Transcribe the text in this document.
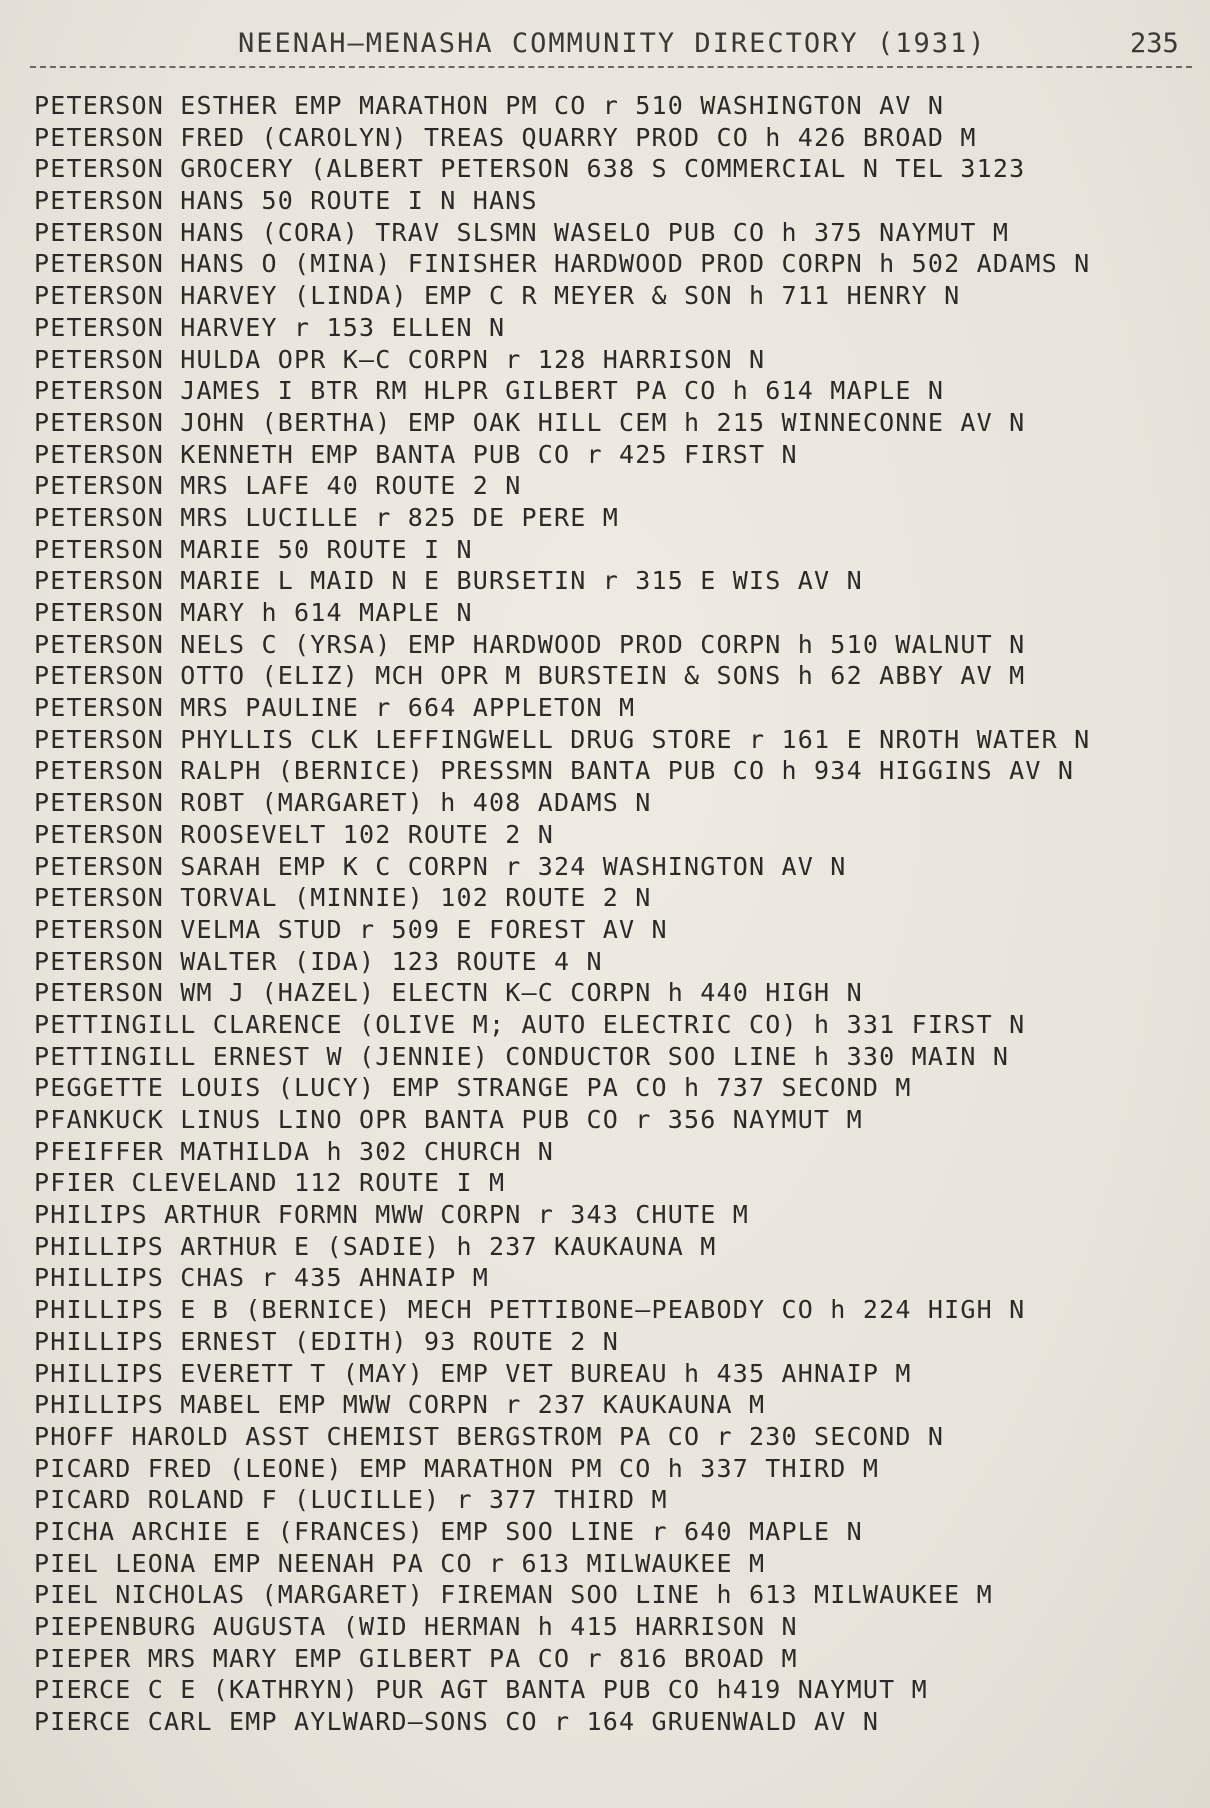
NEENAH–MENASHA COMMUNITY DIRECTORY (1931)	235
PETERSON ESTHER EMP MARATHON PM CO r 510 WASHINGTON AV N
PETERSON FRED (CAROLYN) TREAS QUARRY PROD CO h 426 BROAD M
PETERSON GROCERY (ALBERT PETERSON 638 S COMMERCIAL N TEL 3123
PETERSON HANS 50 ROUTE I N HANS
PETERSON HANS (CORA) TRAV SLSMN WASELO PUB CO h 375 NAYMUT M
PETERSON HANS O (MINA) FINISHER HARDWOOD PROD CORPN h 502 ADAMS N
PETERSON HARVEY (LINDA) EMP C R MEYER & SON h 711 HENRY N
PETERSON HARVEY r 153 ELLEN N
PETERSON HULDA OPR K–C CORPN r 128 HARRISON N
PETERSON JAMES I BTR RM HLPR GILBERT PA CO h 614 MAPLE N
PETERSON JOHN (BERTHA) EMP OAK HILL CEM h 215 WINNECONNE AV N
PETERSON KENNETH EMP BANTA PUB CO r 425 FIRST N
PETERSON MRS LAFE 40 ROUTE 2 N
PETERSON MRS LUCILLE r 825 DE PERE M
PETERSON MARIE 50 ROUTE I N
PETERSON MARIE L MAID N E BURSETIN r 315 E WIS AV N
PETERSON MARY h 614 MAPLE N
PETERSON NELS C (YRSA) EMP HARDWOOD PROD CORPN h 510 WALNUT N
PETERSON OTTO (ELIZ) MCH OPR M BURSTEIN & SONS h 62 ABBY AV M
PETERSON MRS PAULINE r 664 APPLETON M
PETERSON PHYLLIS CLK LEFFINGWELL DRUG STORE r 161 E NROTH WATER N
PETERSON RALPH (BERNICE) PRESSMN BANTA PUB CO h 934 HIGGINS AV N
PETERSON ROBT (MARGARET) h 408 ADAMS N
PETERSON ROOSEVELT 102 ROUTE 2 N
PETERSON SARAH EMP K C CORPN r 324 WASHINGTON AV N
PETERSON TORVAL (MINNIE) 102 ROUTE 2 N
PETERSON VELMA STUD r 509 E FOREST AV N
PETERSON WALTER (IDA) 123 ROUTE 4 N
PETERSON WM J (HAZEL) ELECTN K–C CORPN h 440 HIGH N
PETTINGILL CLARENCE (OLIVE M; AUTO ELECTRIC CO) h 331 FIRST N
PETTINGILL ERNEST W (JENNIE) CONDUCTOR SOO LINE h 330 MAIN N
PEGGETTE LOUIS (LUCY) EMP STRANGE PA CO h 737 SECOND M
PFANKUCK LINUS LINO OPR BANTA PUB CO r 356 NAYMUT M
PFEIFFER MATHILDA h 302 CHURCH N
PFIER CLEVELAND 112 ROUTE I M
PHILIPS ARTHUR FORMN MWW CORPN r 343 CHUTE M
PHILLIPS ARTHUR E (SADIE) h 237 KAUKAUNA M
PHILLIPS CHAS r 435 AHNAIP M
PHILLIPS E B (BERNICE) MECH PETTIBONE–PEABODY CO h 224 HIGH N
PHILLIPS ERNEST (EDITH) 93 ROUTE 2 N
PHILLIPS EVERETT T (MAY) EMP VET BUREAU h 435 AHNAIP M
PHILLIPS MABEL EMP MWW CORPN r 237 KAUKAUNA M
PHOFF HAROLD ASST CHEMIST BERGSTROM PA CO r 230 SECOND N
PICARD FRED (LEONE) EMP MARATHON PM CO h 337 THIRD M
PICARD ROLAND F (LUCILLE) r 377 THIRD M
PICHA ARCHIE E (FRANCES) EMP SOO LINE r 640 MAPLE N
PIEL LEONA EMP NEENAH PA CO r 613 MILWAUKEE M
PIEL NICHOLAS (MARGARET) FIREMAN SOO LINE h 613 MILWAUKEE M
PIEPENBURG AUGUSTA (WID HERMAN h 415 HARRISON N
PIEPER MRS MARY EMP GILBERT PA CO r 816 BROAD M
PIERCE C E (KATHRYN) PUR AGT BANTA PUB CO h419 NAYMUT M
PIERCE CARL EMP AYLWARD–SONS CO r 164 GRUENWALD AV N
